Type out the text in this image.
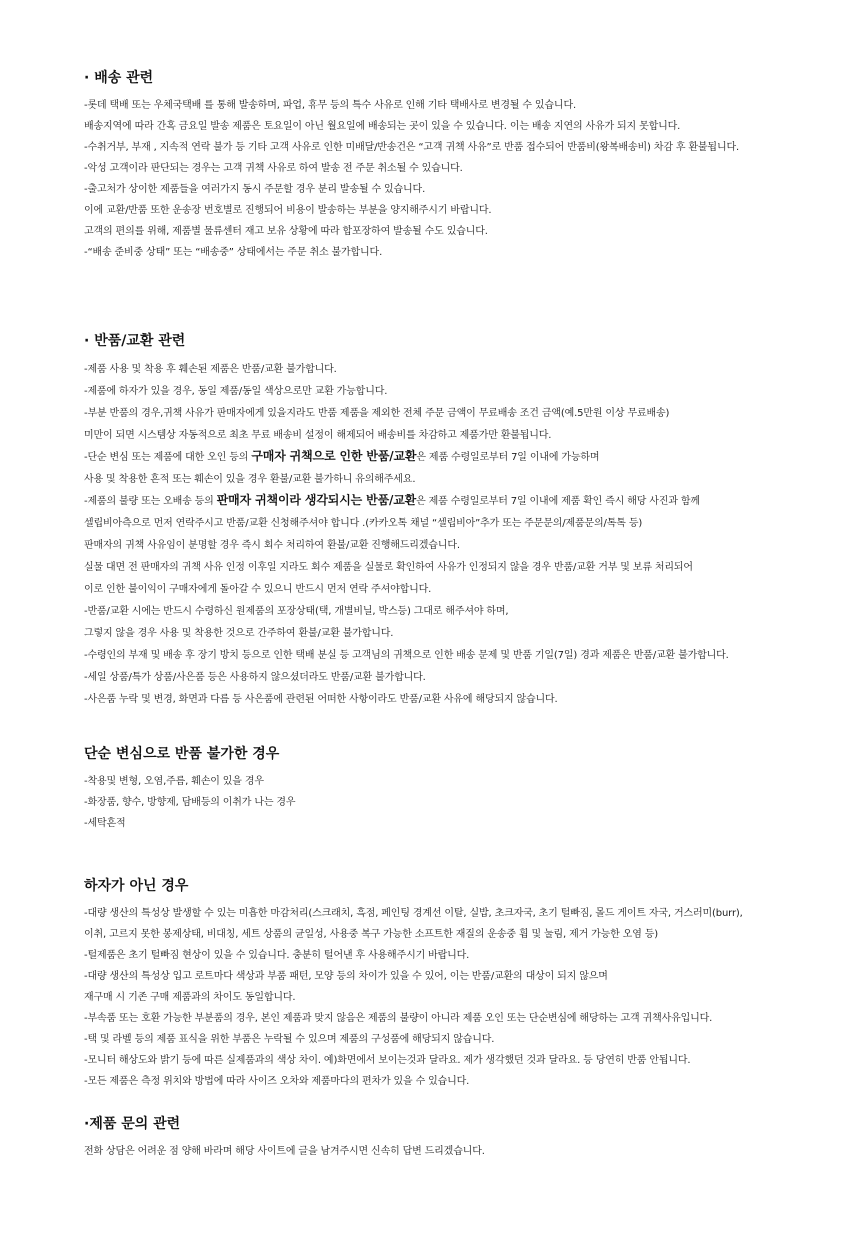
· 배송 관련
-롯데 택배 또는 우체국택배 를 통해 발송하며, 파업, 휴무 등의 특수 사유로 인해 기타 택배사로 변경될 수 있습니다.
배송지역에 따라 간혹 금요일 발송 제품은 토요일이 아닌 월요일에 배송되는 곳이 있을 수 있습니다. 이는 배송 지연의 사유가 되지 못합니다.
-수취거부, 부재 , 지속적 연락 불가 등 기타 고객 사유로 인한 미배달/반송건은 “고객 귀책 사유”로 반품 접수되어 반품비(왕복배송비) 차감 후 환불됩니다.
-악성 고객이라 판단되는 경우는 고객 귀책 사유로 하여 발송 전 주문 취소될 수 있습니다.
-출고처가 상이한 제품들을 여러가지 동시 주문할 경우 분리 발송될 수 있습니다.
이에 교환/반품 또한 운송장 번호별로 진행되어 비용이 발송하는 부분을 양지해주시기 바랍니다.
고객의 편의를 위해, 제품별 물류센터 재고 보유 상황에 따라 합포장하여 발송될 수도 있습니다.
-“배송 준비중 상태” 또는 “배송중” 상태에서는 주문 취소 불가합니다.
· 반품/교환 관련
-제품 사용 및 착용 후 훼손된 제품은 반품/교환 불가합니다.
-제품에 하자가 있을 경우, 동일 제품/동일 색상으로만 교환 가능합니다.
-부분 반품의 경우,귀책 사유가 판매자에게 있을지라도 반품 제품을 제외한 전체 주문 금액이 무료배송 조건 금액(예.5만원 이상 무료배송)
미만이 되면 시스템상 자동적으로 최초 무료 배송비 설정이 해제되어 배송비를 차감하고 제품가만 환불됩니다.
-단순 변심 또는 제품에 대한 오인 등의 구매자 귀책으로 인한 반품/교환은 제품 수령일로부터 7일 이내에 가능하며
사용 및 착용한 흔적 또는 훼손이 있을 경우 환불/교환 불가하니 유의해주세요.
-제품의 불량 또는 오배송 등의 판매자 귀책이라 생각되시는 반품/교환은 제품 수령일로부터 7일 이내에 제품 확인 즉시 해당 사진과 함께
셀립비아측으로 먼저 연락주시고 반품/교환 신청해주셔야 합니다 .(카카오톡 채널 “셀립비아”추가 또는 주문문의/제품문의/톡톡 등)
판매자의 귀책 사유임이 분명할 경우 즉시 회수 처리하여 환불/교환 진행해드리겠습니다.
실물 대면 전 판매자의 귀책 사유 인정 이후일 지라도 회수 제품을 실물로 확인하여 사유가 인정되지 않을 경우 반품/교환 거부 및 보류 처리되어
이로 인한 불이익이 구매자에게 돌아갈 수 있으니 반드시 먼저 연락 주셔야합니다.
-반품/교환 시에는 반드시 수령하신 원제품의 포장상태(택, 개별비닐, 박스등) 그대로 해주셔야 하며,
그렇지 않을 경우 사용 및 착용한 것으로 간주하여 환불/교환 불가합니다.
-수령인의 부재 및 배송 후 장기 방치 등으로 인한 택배 분실 등 고객님의 귀책으로 인한 배송 문제 및 반품 기일(7일) 경과 제품은 반품/교환 불가합니다.
-세일 상품/특가 상품/사은품 등은 사용하지 않으셨더라도 반품/교환 불가합니다.
-사은품 누락 및 변경, 화면과 다름 등 사은품에 관련된 어떠한 사항이라도 반품/교환 사유에 해당되지 않습니다.
단순 변심으로 반품 불가한 경우
-착용및 변형, 오염,주름, 훼손이 있을 경우
-화장품, 향수, 방향제, 담배등의 이취가 나는 경우
-세탁흔적
하자가 아닌 경우
-대량 생산의 특성상 발생할 수 있는 미흡한 마감처리(스크래치, 흑점, 페인팅 경계선 이탈, 실밥, 초크자국, 초기 털빠짐, 몰드 게이트 자국, 거스러미(burr),
이취, 고르지 못한 봉제상태, 비대칭, 세트 상품의 균일성, 사용중 복구 가능한 소프트한 재질의 운송중 휨 및 눌림, 제거 가능한 오염 등)
-털제품은 초기 털빠짐 현상이 있을 수 있습니다. 충분히 털어낸 후 사용해주시기 바랍니다.
-대량 생산의 특성상 입고 로트마다 색상과 부품 패턴, 모양 등의 차이가 있을 수 있어, 이는 반품/교환의 대상이 되지 않으며
재구매 시 기존 구매 제품과의 차이도 동일합니다.
-부속품 또는 호환 가능한 부분품의 경우, 본인 제품과 맞지 않음은 제품의 불량이 아니라 제품 오인 또는 단순변심에 해당하는 고객 귀책사유입니다.
-택 및 라벨 등의 제품 표식을 위한 부품은 누락될 수 있으며 제품의 구성품에 해당되지 않습니다.
-모니터 해상도와 밝기 등에 따른 실제품과의 색상 차이. 예)화면에서 보이는것과 달라요. 제가 생각했던 것과 달라요. 등 당연히 반품 안됩니다.
-모든 제품은 측정 위치와 방법에 따라 사이즈 오차와 제품마다의 편차가 있을 수 있습니다.
·제품 문의 관련
전화 상담은 어려운 점 양해 바라며 해당 사이트에 글을 남겨주시면 신속히 답변 드리겠습니다.
